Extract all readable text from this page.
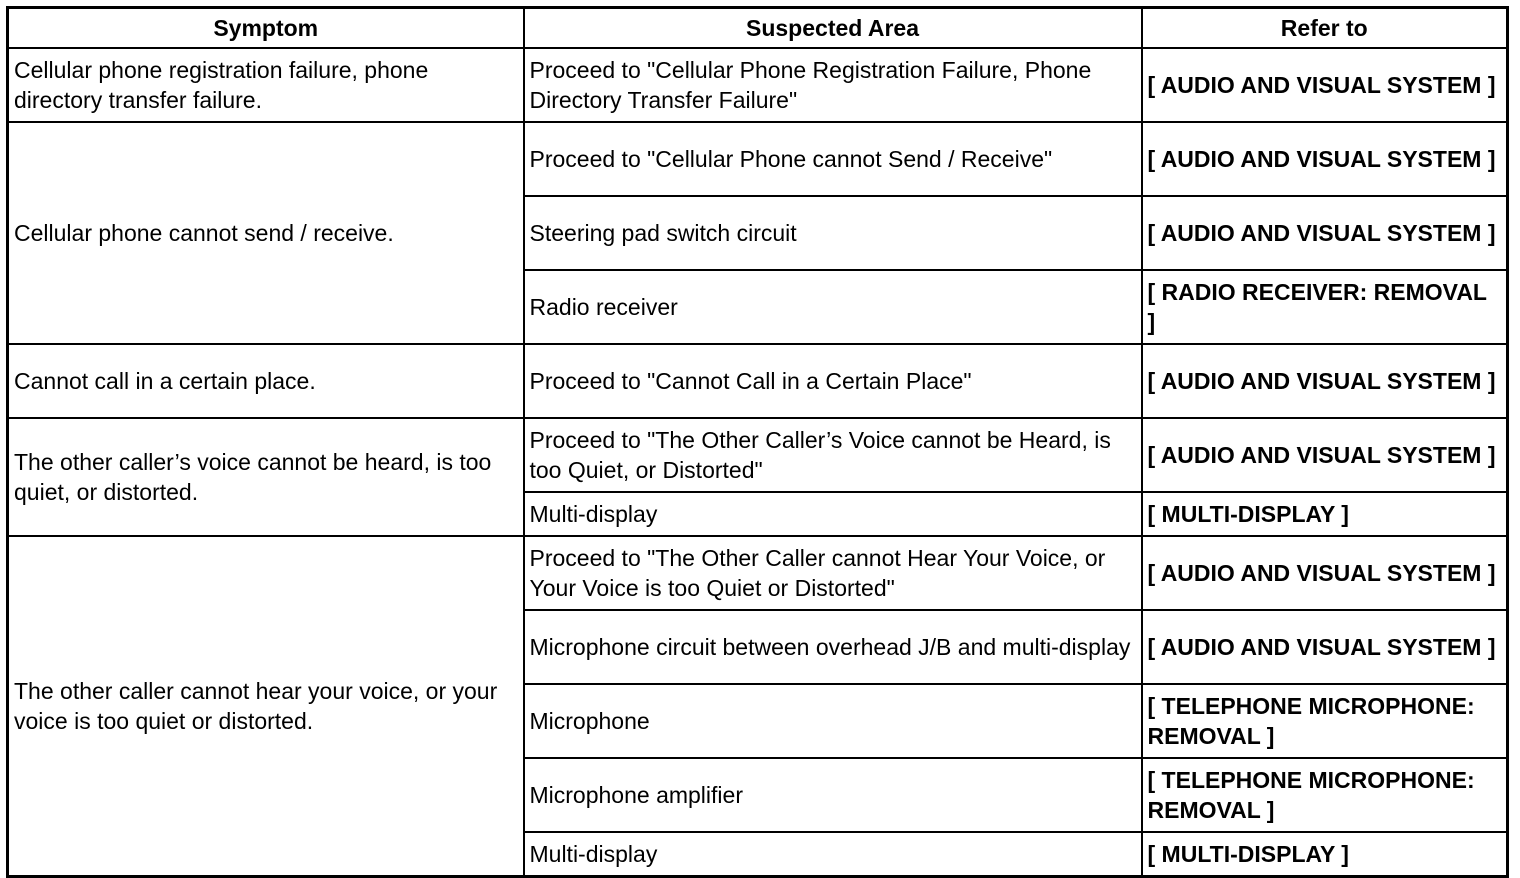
Symptom	Suspected Area	Refer to
Cellular phone registration failure, phone directory transfer failure.	Proceed to "Cellular Phone Registration Failure, Phone Directory Transfer Failure"	[ AUDIO AND VISUAL SYSTEM ]
Cellular phone cannot send / receive.	Proceed to "Cellular Phone cannot Send / Receive"	[ AUDIO AND VISUAL SYSTEM ]
	Steering pad switch circuit	[ AUDIO AND VISUAL SYSTEM ]
	Radio receiver	[ RADIO RECEIVER: REMOVAL ]
Cannot call in a certain place.	Proceed to "Cannot Call in a Certain Place"	[ AUDIO AND VISUAL SYSTEM ]
The other caller’s voice cannot be heard, is too quiet, or distorted.	Proceed to "The Other Caller’s Voice cannot be Heard, is too Quiet, or Distorted"	[ AUDIO AND VISUAL SYSTEM ]
	Multi-display	[ MULTI-DISPLAY ]
The other caller cannot hear your voice, or your voice is too quiet or distorted.	Proceed to "The Other Caller cannot Hear Your Voice, or Your Voice is too Quiet or Distorted"	[ AUDIO AND VISUAL SYSTEM ]
	Microphone circuit between overhead J/B and multi-display	[ AUDIO AND VISUAL SYSTEM ]
	Microphone	[ TELEPHONE MICROPHONE: REMOVAL ]
	Microphone amplifier	[ TELEPHONE MICROPHONE: REMOVAL ]
	Multi-display	[ MULTI-DISPLAY ]
